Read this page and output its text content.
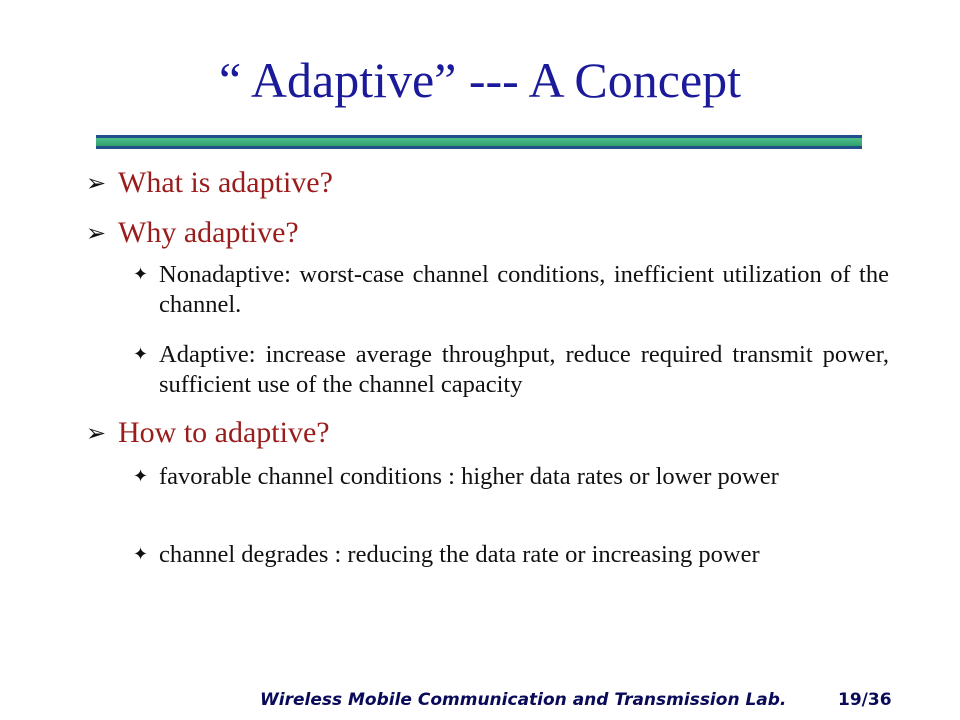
“ Adaptive” --- A Concept
➢ What is adaptive?
➢ Why adaptive?
✦ Nonadaptive: worst-case channel conditions, inefficient utilization of the channel.
✦ Adaptive: increase average throughput, reduce required transmit power, sufficient use of the channel capacity
➢ How to adaptive?
✦ favorable channel conditions : higher data rates or lower power
✦ channel degrades : reducing the data rate or increasing power
Wireless Mobile Communication and Transmission Lab.	19/36
